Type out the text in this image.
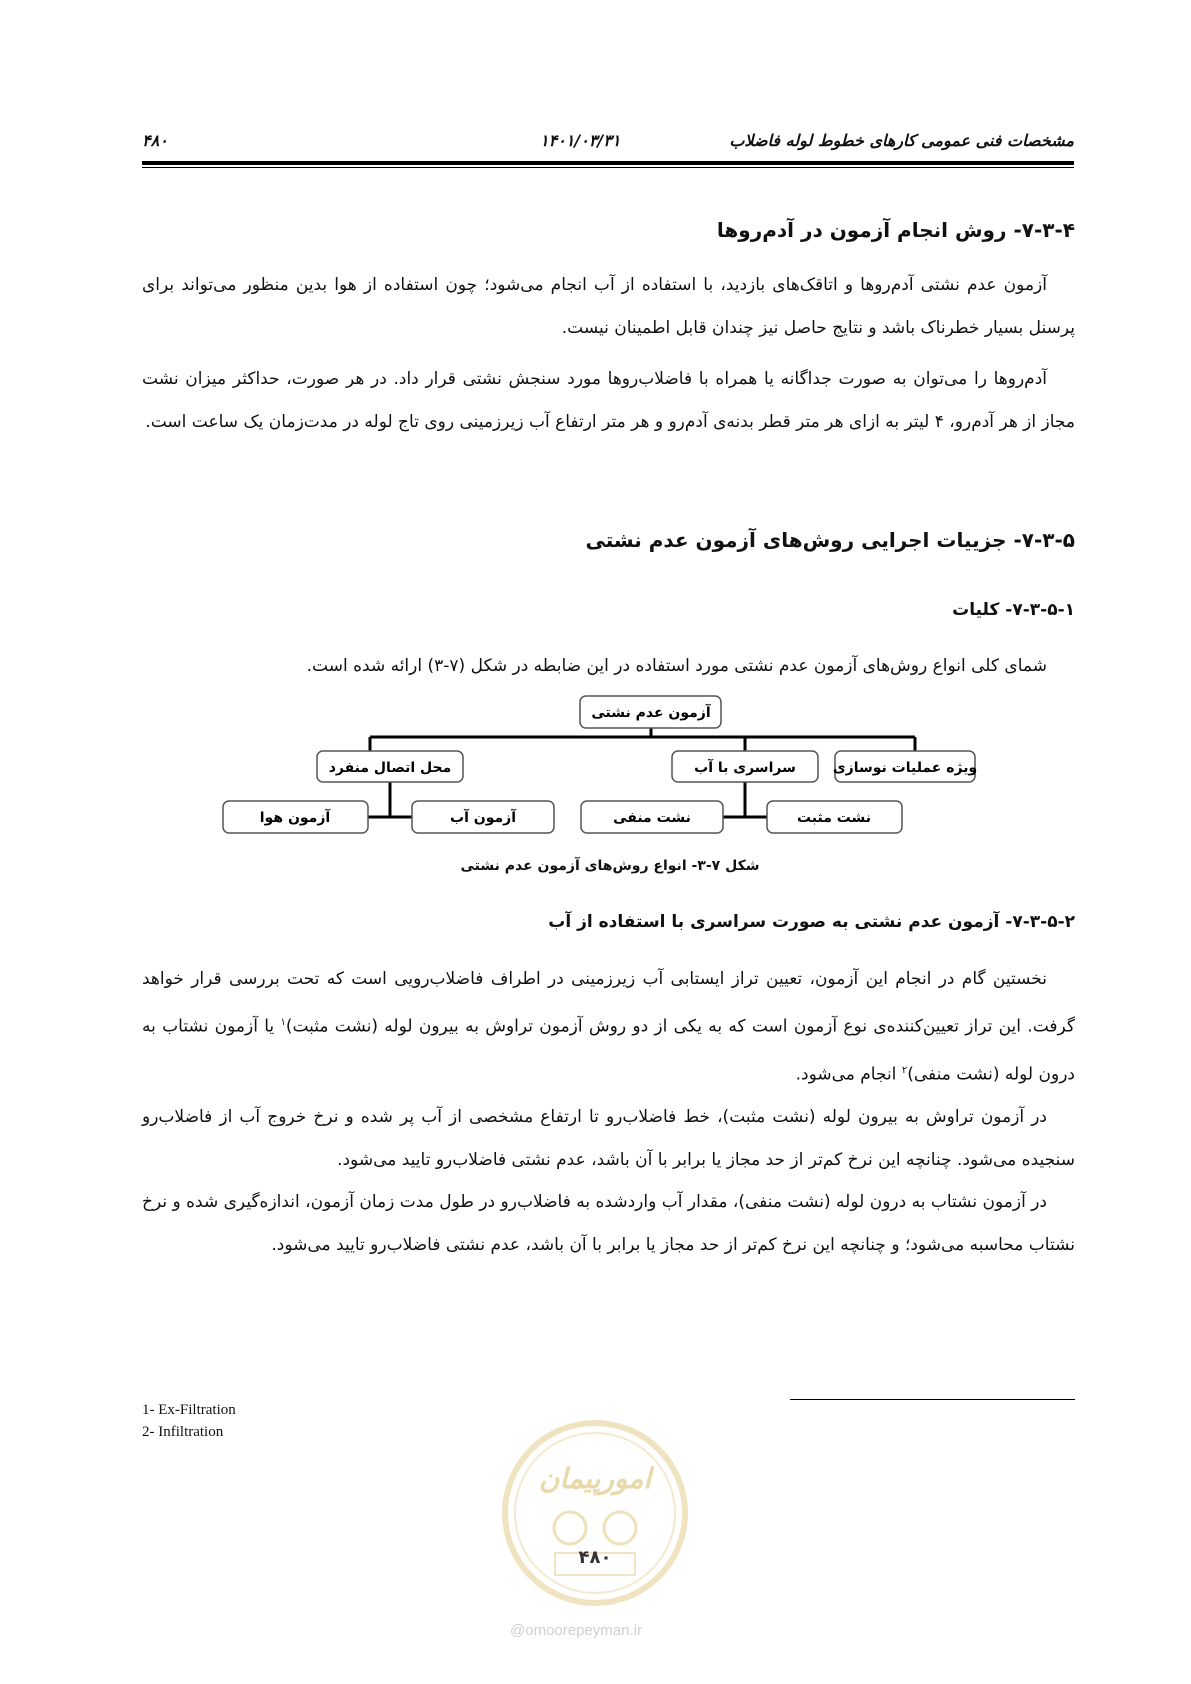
مشخصات فنی عمومی کارهای خطوط لوله فاضلاب
۱۴۰۱/۰۳/۳۱
۴۸۰
۷-۳-۴- روش انجام آزمون در آدم‌روها
آزمون عدم نشتی آدم‌روها و اتاقک‌های بازدید، با استفاده از آب انجام می‌شود؛ چون استفاده از هوا بدین منظور می‌تواند برای پرسنل بسیار خطرناک باشد و نتایج حاصل نیز چندان قابل اطمینان نیست.
آدم‌روها را می‌توان به صورت جداگانه یا همراه با فاضلاب‌روها مورد سنجش نشتی قرار داد. در هر صورت، حداکثر میزان نشت مجاز از هر آدم‌رو، ۴ لیتر به ازای هر متر قطر بدنه‌ی آدم‌رو و هر متر ارتفاع آب زیرزمینی روی تاج لوله در مدت‌زمان یک ساعت است.
۷-۳-۵- جزییات اجرایی روش‌های آزمون عدم نشتی
۷-۳-۵-۱- کلیات
شمای کلی انواع روش‌های آزمون عدم نشتی مورد استفاده در این ضابطه در شکل (۷-۳) ارائه شده است.
آزمون عدم نشتی
ویژه عملیات نوسازی
سراسری با آب
محل اتصال منفرد
نشت مثبت
نشت منفی
آزمون آب
آزمون هوا
شکل ۷-۳- انواع روش‌های آزمون عدم نشتی
۷-۳-۵-۲- آزمون عدم نشتی به صورت سراسری با استفاده از آب
نخستین گام در انجام این آزمون، تعیین تراز ایستابی آب زیرزمینی در اطراف فاضلاب‌رویی است که تحت بررسی قرار خواهد گرفت. این تراز تعیین‌کننده‌ی نوع آزمون است که به یکی از دو روش آزمون تراوش به بیرون لوله (نشت مثبت)$^۱$ یا آزمون نشتاب به درون لوله (نشت منفی)$^۲$ انجام می‌شود.
در آزمون تراوش به بیرون لوله (نشت مثبت)، خط فاضلاب‌رو تا ارتفاع مشخصی از آب پر شده و نرخ خروج آب از فاضلاب‌رو سنجیده می‌شود. چنانچه این نرخ کم‌تر از حد مجاز یا برابر با آن باشد، عدم نشتی فاضلاب‌رو تایید می‌شود.
در آزمون نشتاب به درون لوله (نشت منفی)، مقدار آب واردشده به فاضلاب‌رو در طول مدت زمان آزمون، اندازه‌گیری شده و نرخ نشتاب محاسبه می‌شود؛ و چنانچه این نرخ کم‌تر از حد مجاز یا برابر با آن باشد، عدم نشتی فاضلاب‌رو تایید می‌شود.
1- Ex-Filtration
2- Infiltration
امورپیمان
۴۸۰
@omoorepeyman.ir
